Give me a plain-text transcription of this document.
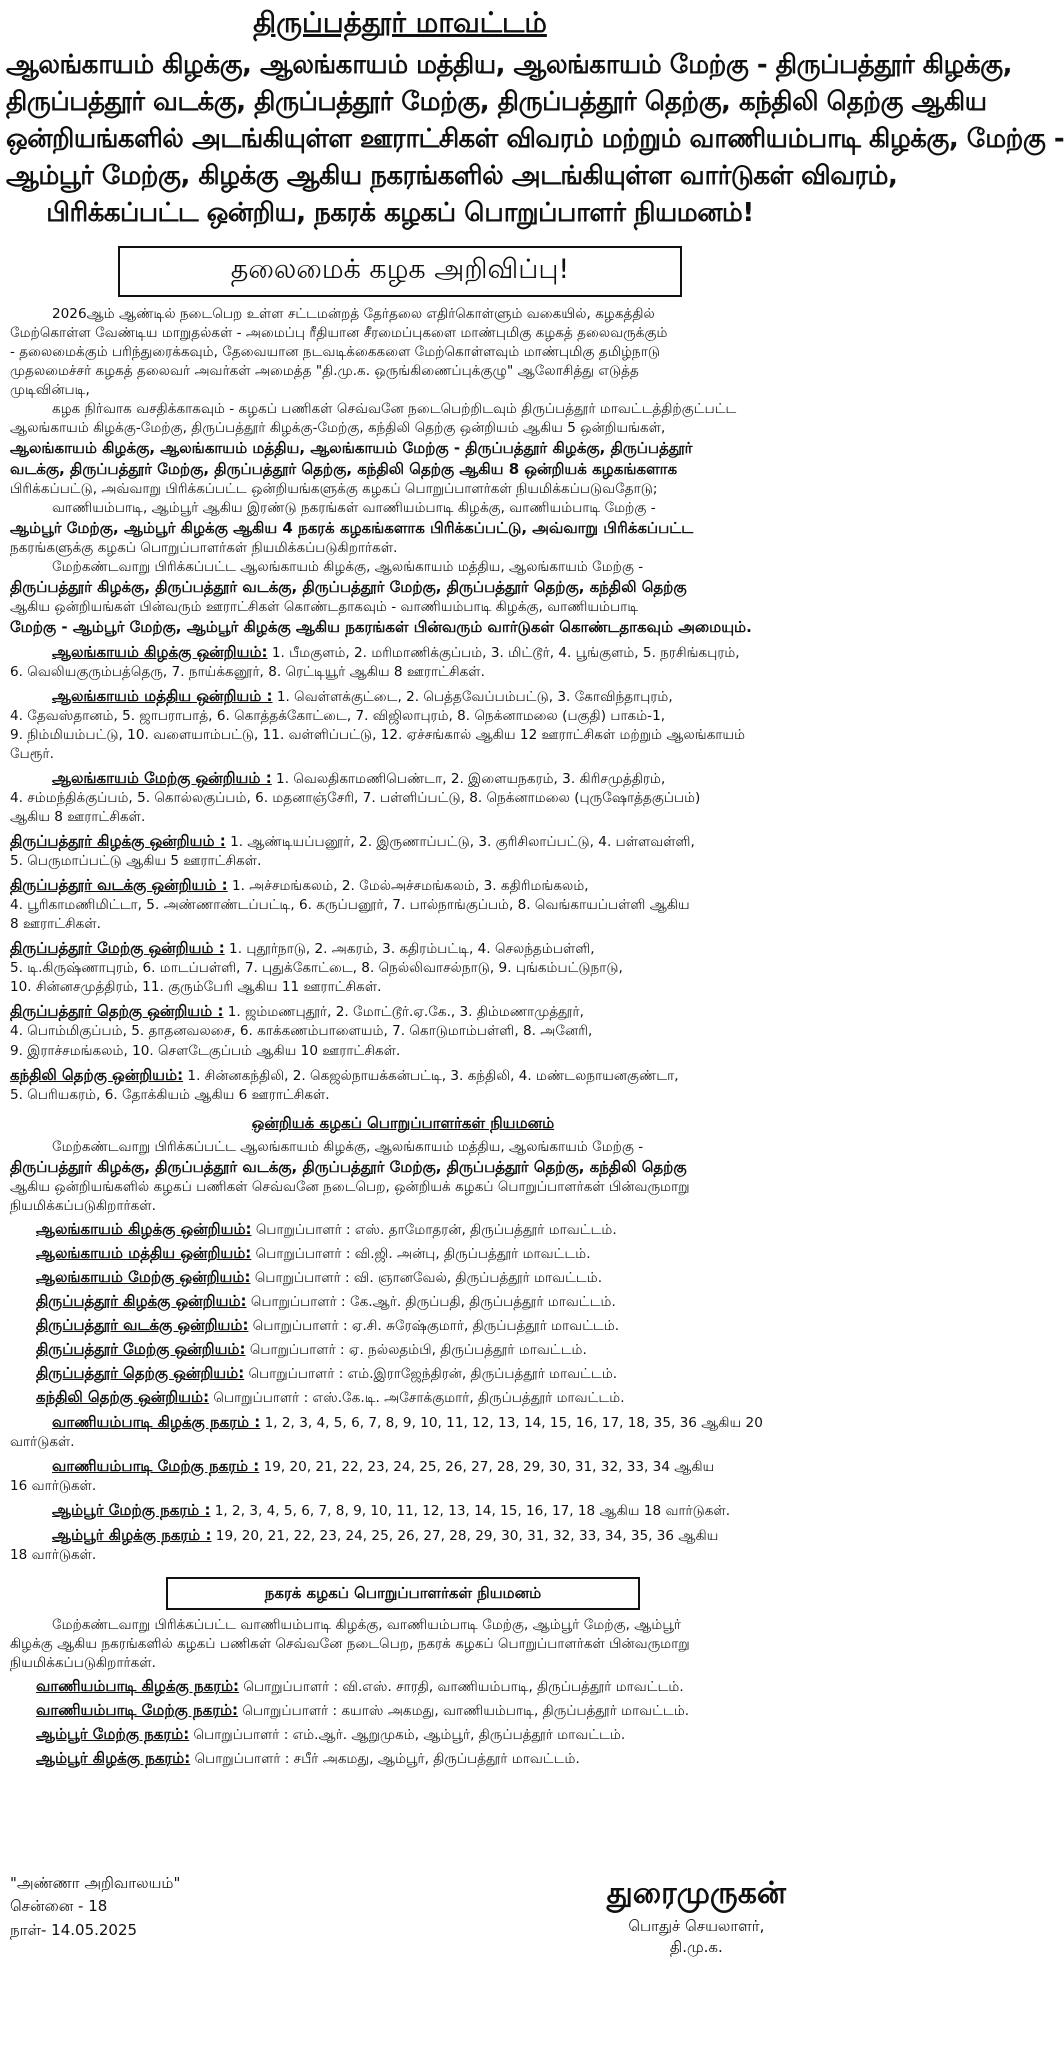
திருப்பத்தூர் மாவட்டம்
ஆலங்காயம் கிழக்கு, ஆலங்காயம் மத்திய, ஆலங்காயம் மேற்கு - திருப்பத்தூர் கிழக்கு,
திருப்பத்தூர் வடக்கு, திருப்பத்தூர் மேற்கு, திருப்பத்தூர் தெற்கு, கந்திலி தெற்கு ஆகிய
ஒன்றியங்களில் அடங்கியுள்ள ஊராட்சிகள் விவரம் மற்றும் வாணியம்பாடி கிழக்கு, மேற்கு -
ஆம்பூர் மேற்கு, கிழக்கு ஆகிய நகரங்களில் அடங்கியுள்ள வார்டுகள் விவரம்,
பிரிக்கப்பட்ட ஒன்றிய, நகரக் கழகப் பொறுப்பாளர் நியமனம்!
தலைமைக் கழக அறிவிப்பு!

2026ஆம் ஆண்டில் நடைபெற உள்ள சட்டமன்றத் தேர்தலை எதிர்கொள்ளும் வகையில், கழகத்தில்

மேற்கொள்ள வேண்டிய மாறுதல்கள் - அமைப்பு ரீதியான சீரமைப்புகளை மாண்புமிகு கழகத் தலைவருக்கும்

- தலைமைக்கும் பரிந்துரைக்கவும், தேவையான நடவடிக்கைகளை மேற்கொள்ளவும் மாண்புமிகு தமிழ்நாடு

முதலமைச்சர் கழகத் தலைவர் அவர்கள் அமைத்த "தி.மு.க. ஒருங்கிணைப்புக்குழு" ஆலோசித்து எடுத்த

முடிவின்படி,

கழக நிர்வாக வசதிக்காகவும் - கழகப் பணிகள் செவ்வனே நடைபெற்றிடவும் திருப்பத்தூர் மாவட்டத்திற்குட்பட்ட

ஆலங்காயம் கிழக்கு-மேற்கு, திருப்பத்தூர் கிழக்கு-மேற்கு, கந்திலி தெற்கு ஒன்றியம் ஆகிய 5 ஒன்றியங்கள்,

ஆலங்காயம் கிழக்கு, ஆலங்காயம் மத்திய, ஆலங்காயம் மேற்கு - திருப்பத்தூர் கிழக்கு, திருப்பத்தூர்

வடக்கு, திருப்பத்தூர் மேற்கு, திருப்பத்தூர் தெற்கு, கந்திலி தெற்கு ஆகிய 8 ஒன்றியக் கழகங்களாக

பிரிக்கப்பட்டு, அவ்வாறு பிரிக்கப்பட்ட ஒன்றியங்களுக்கு கழகப் பொறுப்பாளர்கள் நியமிக்கப்படுவதோடு;

வாணியம்பாடி, ஆம்பூர் ஆகிய இரண்டு நகரங்கள் வாணியம்பாடி கிழக்கு, வாணியம்பாடி மேற்கு -

ஆம்பூர் மேற்கு, ஆம்பூர் கிழக்கு ஆகிய 4 நகரக் கழகங்களாக பிரிக்கப்பட்டு, அவ்வாறு பிரிக்கப்பட்ட

நகரங்களுக்கு கழகப் பொறுப்பாளர்கள் நியமிக்கப்படுகிறார்கள்.

மேற்கண்டவாறு பிரிக்கப்பட்ட ஆலங்காயம் கிழக்கு, ஆலங்காயம் மத்திய, ஆலங்காயம் மேற்கு -

திருப்பத்தூர் கிழக்கு, திருப்பத்தூர் வடக்கு, திருப்பத்தூர் மேற்கு, திருப்பத்தூர் தெற்கு, கந்திலி தெற்கு

ஆகிய ஒன்றியங்கள் பின்வரும் ஊராட்சிகள் கொண்டதாகவும் - வாணியம்பாடி கிழக்கு, வாணியம்பாடி

மேற்கு - ஆம்பூர் மேற்கு, ஆம்பூர் கிழக்கு ஆகிய நகரங்கள் பின்வரும் வார்டுகள் கொண்டதாகவும் அமையும்.

ஆலங்காயம் கிழக்கு ஒன்றியம்: 1. பீமகுளம், 2. மரிமாணிக்குப்பம், 3. மிட்டூர், 4. பூங்குளம், 5. நரசிங்கபுரம்,

6. வெலியகுரும்பத்தெரு, 7. நாய்க்கனூர், 8. ரெட்டியூர் ஆகிய 8 ஊராட்சிகள்.

ஆலங்காயம் மத்திய ஒன்றியம் : 1. வெள்ளக்குட்டை, 2. பெத்தவேப்பம்பட்டு, 3. கோவிந்தாபுரம்,

4. தேவஸ்தானம், 5. ஜாபராபாத், 6. கொத்தக்கோட்டை, 7. விஜிலாபுரம், 8. நெக்னாமலை (பகுதி) பாகம்-1,

9. நிம்மியம்பட்டு, 10. வளையாம்பட்டு, 11. வள்ளிப்பட்டு, 12. ஏச்சங்கால் ஆகிய 12 ஊராட்சிகள் மற்றும் ஆலங்காயம்

பேரூர்.

ஆலங்காயம் மேற்கு ஒன்றியம் : 1. வெலதிகாமணிபெண்டா, 2. இளையநகரம், 3. கிரிசமுத்திரம்,

4. சம்மந்திக்குப்பம், 5. கொல்லகுப்பம், 6. மதனாஞ்சேரி, 7. பள்ளிப்பட்டு, 8. நெக்னாமலை (புருஷோத்தகுப்பம்)

ஆகிய 8 ஊராட்சிகள்.

திருப்பத்தூர் கிழக்கு ஒன்றியம் : 1. ஆண்டியப்பனூர், 2. இருணாப்பட்டு, 3. குரிசிலாப்பட்டு, 4. பள்ளவள்ளி,

5. பெருமாப்பட்டு ஆகிய 5 ஊராட்சிகள்.

திருப்பத்தூர் வடக்கு ஒன்றியம் : 1. அச்சமங்கலம், 2. மேல்அச்சமங்கலம், 3. கதிரிமங்கலம்,

4. பூரிகாமணிமிட்டா, 5. அண்ணாண்டப்பட்டி, 6. கருப்பனூர், 7. பால்நாங்குப்பம், 8. வெங்காயப்பள்ளி ஆகிய

8 ஊராட்சிகள்.

திருப்பத்தூர் மேற்கு ஒன்றியம் : 1. புதூர்நாடு, 2. அகரம், 3. கதிரம்பட்டி, 4. செலந்தம்பள்ளி,

5. டி.கிருஷ்ணாபுரம், 6. மாடப்பள்ளி, 7. புதுக்கோட்டை, 8. நெல்லிவாசல்நாடு, 9. புங்கம்பட்டுநாடு,

10. சின்னசமுத்திரம், 11. குரும்பேரி ஆகிய 11 ஊராட்சிகள்.

திருப்பத்தூர் தெற்கு ஒன்றியம் : 1. ஜம்மணபுதூர், 2. மோட்டூர்.ஏ.கே., 3. திம்மணாமுத்தூர்,

4. பொம்மிகுப்பம், 5. தாதனவலசை, 6. காக்கணம்பாளையம், 7. கொடுமாம்பள்ளி, 8. அனேரி,

9. இராச்சமங்கலம், 10. சௌடேகுப்பம் ஆகிய 10 ஊராட்சிகள்.

கந்திலி தெற்கு ஒன்றியம்: 1. சின்னகந்திலி, 2. கெஜல்நாயக்கன்பட்டி, 3. கந்திலி, 4. மண்டலநாயனகுண்டா,

5. பெரியகரம், 6. தோக்கியம் ஆகிய 6 ஊராட்சிகள்.

ஒன்றியக் கழகப் பொறுப்பாளர்கள் நியமனம்

மேற்கண்டவாறு பிரிக்கப்பட்ட ஆலங்காயம் கிழக்கு, ஆலங்காயம் மத்திய, ஆலங்காயம் மேற்கு -

திருப்பத்தூர் கிழக்கு, திருப்பத்தூர் வடக்கு, திருப்பத்தூர் மேற்கு, திருப்பத்தூர் தெற்கு, கந்திலி தெற்கு

ஆகிய ஒன்றியங்களில் கழகப் பணிகள் செவ்வனே நடைபெற, ஒன்றியக் கழகப் பொறுப்பாளர்கள் பின்வருமாறு

நியமிக்கப்படுகிறார்கள்.

ஆலங்காயம் கிழக்கு ஒன்றியம்: பொறுப்பாளர் : எஸ். தாமோதரன், திருப்பத்தூர் மாவட்டம்.
ஆலங்காயம் மத்திய ஒன்றியம்: பொறுப்பாளர் : வி.ஜி. அன்பு, திருப்பத்தூர் மாவட்டம்.
ஆலங்காயம் மேற்கு ஒன்றியம்: பொறுப்பாளர் : வி. ஞானவேல், திருப்பத்தூர் மாவட்டம்.
திருப்பத்தூர் கிழக்கு ஒன்றியம்: பொறுப்பாளர் : கே.ஆர். திருப்பதி, திருப்பத்தூர் மாவட்டம்.
திருப்பத்தூர் வடக்கு ஒன்றியம்: பொறுப்பாளர் : ஏ.சி. சுரேஷ்குமார், திருப்பத்தூர் மாவட்டம்.
திருப்பத்தூர் மேற்கு ஒன்றியம்: பொறுப்பாளர் : ஏ. நல்லதம்பி, திருப்பத்தூர் மாவட்டம்.
திருப்பத்தூர் தெற்கு ஒன்றியம்: பொறுப்பாளர் : எம்.இராஜேந்திரன், திருப்பத்தூர் மாவட்டம்.
கந்திலி தெற்கு ஒன்றியம்: பொறுப்பாளர் : எஸ்.கே.டி. அசோக்குமார், திருப்பத்தூர் மாவட்டம்.

வாணியம்பாடி கிழக்கு நகரம் : 1, 2, 3, 4, 5, 6, 7, 8, 9, 10, 11, 12, 13, 14, 15, 16, 17, 18, 35, 36 ஆகிய 20

வார்டுகள்.

வாணியம்பாடி மேற்கு நகரம் : 19, 20, 21, 22, 23, 24, 25, 26, 27, 28, 29, 30, 31, 32, 33, 34 ஆகிய

16 வார்டுகள்.

ஆம்பூர் மேற்கு நகரம் : 1, 2, 3, 4, 5, 6, 7, 8, 9, 10, 11, 12, 13, 14, 15, 16, 17, 18 ஆகிய 18 வார்டுகள்.

ஆம்பூர் கிழக்கு நகரம் : 19, 20, 21, 22, 23, 24, 25, 26, 27, 28, 29, 30, 31, 32, 33, 34, 35, 36 ஆகிய

18 வார்டுகள்.

நகரக் கழகப் பொறுப்பாளர்கள் நியமனம்

மேற்கண்டவாறு பிரிக்கப்பட்ட வாணியம்பாடி கிழக்கு, வாணியம்பாடி மேற்கு, ஆம்பூர் மேற்கு, ஆம்பூர்

கிழக்கு ஆகிய நகரங்களில் கழகப் பணிகள் செவ்வனே நடைபெற, நகரக் கழகப் பொறுப்பாளர்கள் பின்வருமாறு

நியமிக்கப்படுகிறார்கள்.

வாணியம்பாடி கிழக்கு நகரம்: பொறுப்பாளர் : வி.எஸ். சாரதி, வாணியம்பாடி, திருப்பத்தூர் மாவட்டம்.
வாணியம்பாடி மேற்கு நகரம்: பொறுப்பாளர் : கயாஸ் அகமது, வாணியம்பாடி, திருப்பத்தூர் மாவட்டம்.
ஆம்பூர் மேற்கு நகரம்: பொறுப்பாளர் : எம்.ஆர். ஆறுமுகம், ஆம்பூர், திருப்பத்தூர் மாவட்டம்.
ஆம்பூர் கிழக்கு நகரம்: பொறுப்பாளர் : சபீர் அகமது, ஆம்பூர், திருப்பத்தூர் மாவட்டம்.
"அண்ணா அறிவாலயம்"
சென்னை - 18
நாள்- 14.05.2025
துரைமுருகன்
பொதுச் செயலாளர்,
தி.மு.க.
